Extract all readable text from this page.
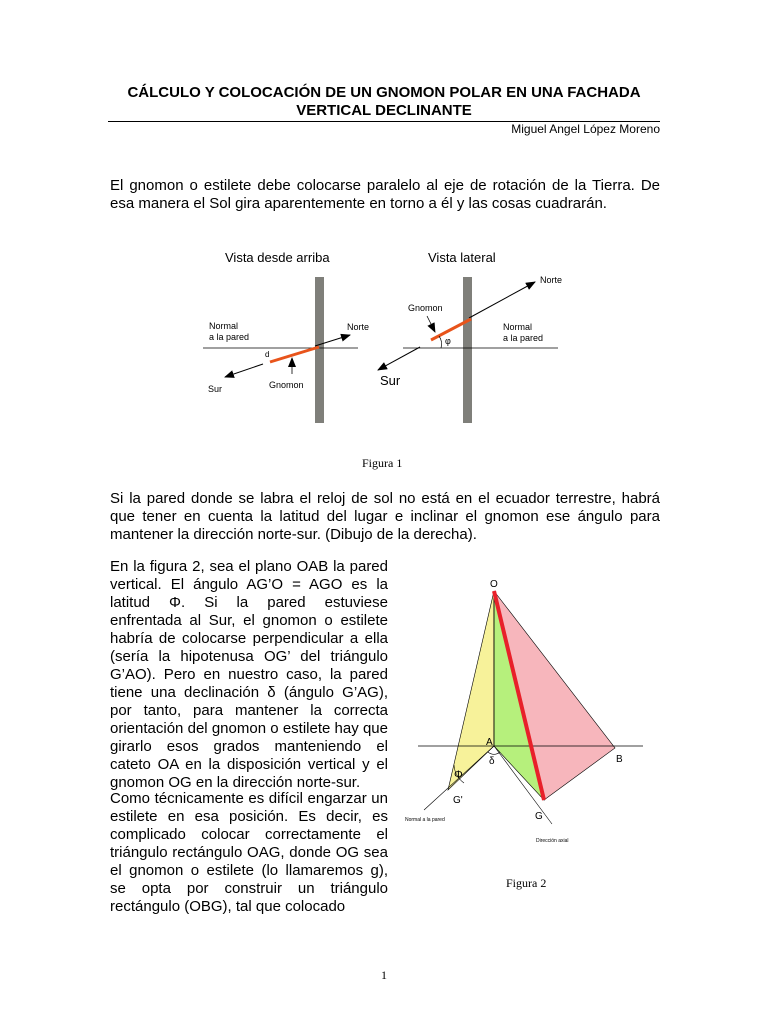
CÁLCULO Y COLOCACIÓN DE UN GNOMON POLAR EN UNA FACHADA VERTICAL DECLINANTE
Miguel Angel López Moreno
El gnomon o estilete debe colocarse paralelo al eje de rotación de la Tierra. De esa manera el Sol gira aparentemente en torno a él y las cosas cuadrarán.
Vista desde arriba
Normal
a la pared
Norte
d
Sur	Gnomon
Vista lateral
Norte
Gnomon
φ
Normal
a la pared
Sur
Figura 1
Si la pared donde se labra el reloj de sol no está en el ecuador terrestre, habrá que tener en cuenta la latitud del lugar e inclinar el gnomon ese ángulo para mantener la dirección norte-sur. (Dibujo de la derecha).
En la figura 2, sea el plano OAB la pared vertical. El ángulo AG’O = AGO es la latitud Φ. Si la pared estuviese enfrentada al Sur, el gnomon o estilete habría de colocarse perpendicular a ella (sería la hipotenusa OG’ del triángulo G’AO). Pero en nuestro caso, la pared tiene una declinación δ (ángulo G’AG), por tanto, para mantener la correcta orientación del gnomon o estilete hay que girarlo esos grados manteniendo el cateto OA en la disposición vertical y el gnomon OG en la dirección norte-sur.
Como técnicamente es difícil engarzar un estilete en esa posición. Es decir, es complicado colocar correctamente el triángulo rectángulo OAG, donde OG sea el gnomon o estilete (lo llamaremos g), se opta por construir un triángulo rectángulo (OBG), tal que colocado
O
A
B
G
G'
Φ
δ
Normal a la pared
Dirección axial
Figura 2
1
